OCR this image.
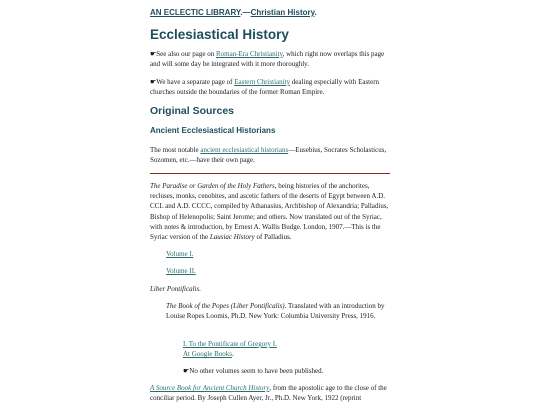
AN ECLECTIC LIBRARY.—Christian History.
Ecclesiastical History

☛See also our page on Roman-Era Christianity, which right now overlaps this page and will some day be integrated with it more thoroughly.

☛We have a separate page of Eastern Christianity dealing especially with Eastern churches outside the boundaries of the former Roman Empire.

Original Sources
Ancient Ecclesiastical Historians

The most notable ancient ecclesiastical historians—Eusebius, Socrates Scholasticus, Sozomen, etc.—have their own page.

The Paradise or Garden of the Holy Fathers, being histories of the anchorites, recluses, monks, cenobites, and ascetic fathers of the deserts of Egypt between A.D. CCL and A.D. CCCC, compiled by Athanasius, Archbishop of Alexandria; Palladius, Bishop of Helenopolis; Saint Jerome; and others. Now translated out of the Syriac, with notes & introduction, by Ernest A. Wallis Budge. London, 1907.—This is the Syriac version of the Lausiac History of Palladius.

Volume I.

Volume II.

Liber Pontificalis.

The Book of the Popes (Liber Pontificalis). Translated with an introduction by Louise Ropes Loomis, Ph.D. New York: Columbia University Press, 1916.

I. To the Pontificate of Gregory I.
At Google Books.

☛No other volumes seem to have been published.

A Source Book for Ancient Church History, from the apostolic age to the close of the conciliar period. By Joseph Cullen Ayer, Jr., Ph.D. New York, 1922 (reprint
